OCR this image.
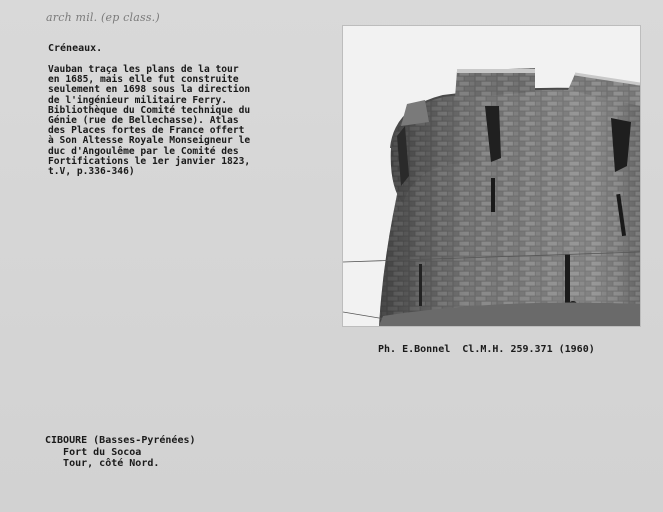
arch mil. (ep class.)
Créneaux.
Vauban traça les plans de la tour
en 1685, mais elle fut construite
seulement en 1698 sous la direction
de l'ingénieur militaire Ferry.
Bibliothèque du Comité technique du
Génie (rue de Bellechasse). Atlas
des Places fortes de France offert
à Son Altesse Royale Monseigneur le
duc d'Angoulême par le Comité des
Fortifications le 1er janvier 1823,
t.V, p.336-346)
Ph. E.Bonnel  Cl.M.H. 259.371 (1960)
CIBOURE (Basses-Pyrénées)
Fort du Socoa
Tour, côté Nord.
